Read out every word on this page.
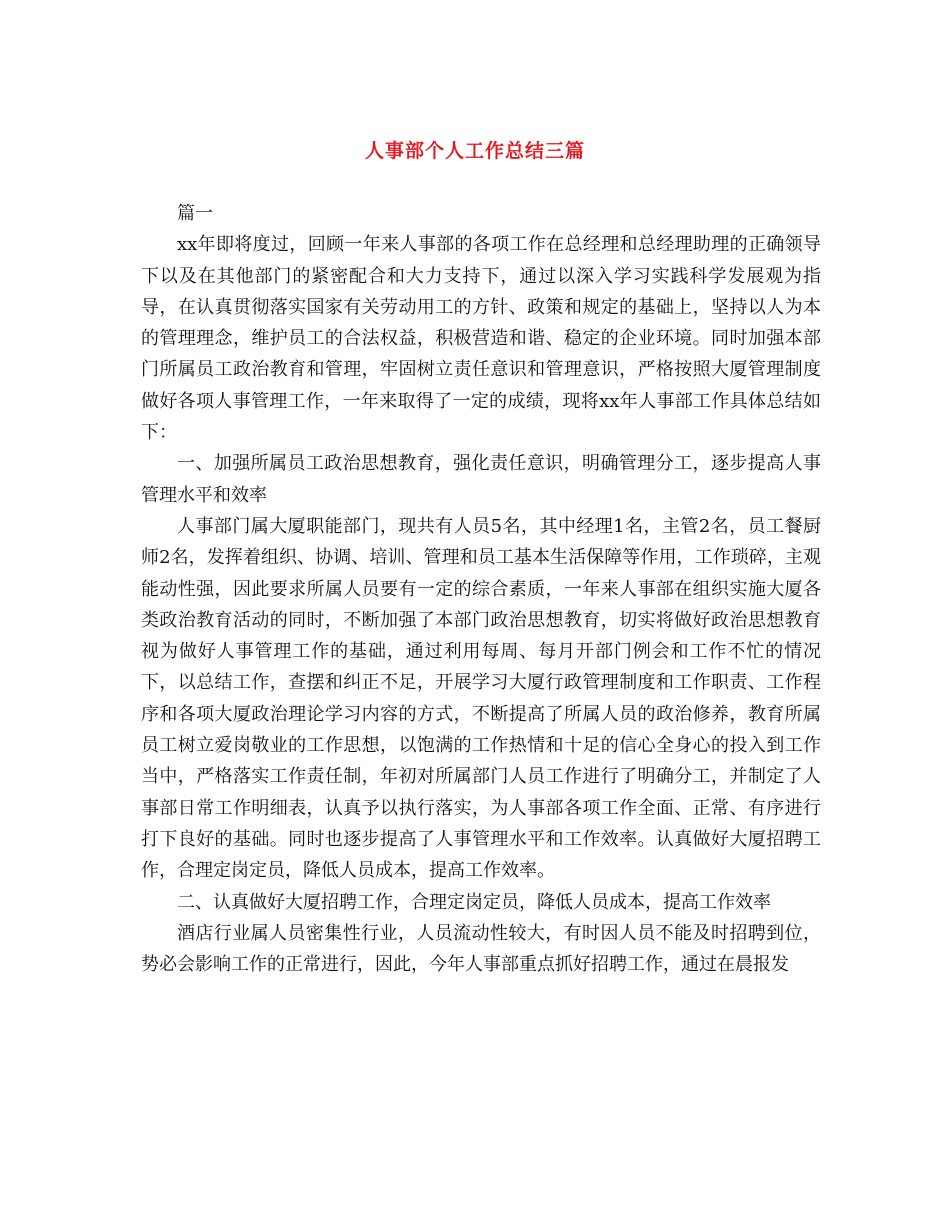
人事部个人工作总结三篇

篇一

xx年即将度过，回顾一年来人事部的各项工作在总经理和总经理助理的正确领导下以及在其他部门的紧密配合和大力支持下，通过以深入学习实践科学发展观为指导，在认真贯彻落实国家有关劳动用工的方针、政策和规定的基础上，坚持以人为本的管理理念，维护员工的合法权益，积极营造和谐、稳定的企业环境。同时加强本部门所属员工政治教育和管理，牢固树立责任意识和管理意识，严格按照大厦管理制度做好各项人事管理工作，一年来取得了一定的成绩，现将xx年人事部工作具体总结如下：

一、加强所属员工政治思想教育，强化责任意识，明确管理分工，逐步提高人事管理水平和效率

人事部门属大厦职能部门，现共有人员5名，其中经理1名，主管2名，员工餐厨师2名，发挥着组织、协调、培训、管理和员工基本生活保障等作用，工作琐碎，主观能动性强，因此要求所属人员要有一定的综合素质，一年来人事部在组织实施大厦各类政治教育活动的同时，不断加强了本部门政治思想教育，切实将做好政治思想教育视为做好人事管理工作的基础，通过利用每周、每月开部门例会和工作不忙的情况下，以总结工作，查摆和纠正不足，开展学习大厦行政管理制度和工作职责、工作程序和各项大厦政治理论学习内容的方式，不断提高了所属人员的政治修养，教育所属员工树立爱岗敬业的工作思想，以饱满的工作热情和十足的信心全身心的投入到工作当中，严格落实工作责任制，年初对所属部门人员工作进行了明确分工，并制定了人事部日常工作明细表，认真予以执行落实，为人事部各项工作全面、正常、有序进行打下良好的基础。同时也逐步提高了人事管理水平和工作效率。认真做好大厦招聘工作，合理定岗定员，降低人员成本，提高工作效率。

二、认真做好大厦招聘工作，合理定岗定员，降低人员成本，提高工作效率

酒店行业属人员密集性行业，人员流动性较大，有时因人员不能及时招聘到位，势必会影响工作的正常进行，因此，今年人事部重点抓好招聘工作，通过在晨报发
